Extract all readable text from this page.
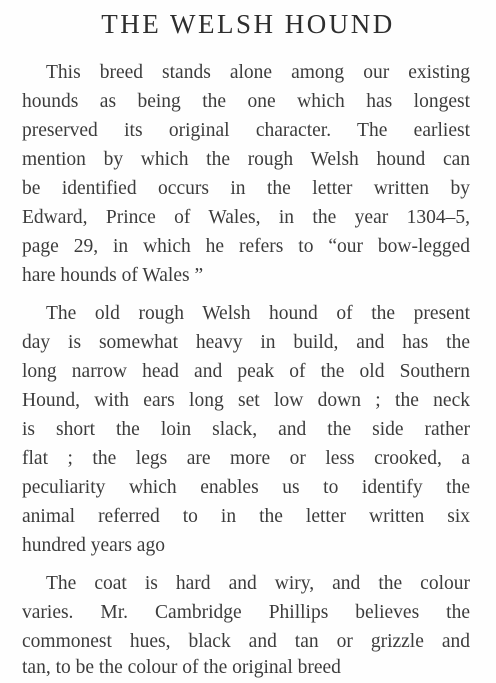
THE WELSH HOUND
This breed stands alone among our existing
hounds as being the one which has longest
preserved its original character. The earliest
mention by which the rough Welsh hound can
be identified occurs in the letter written by
Edward, Prince of Wales, in the year 1304–5,
page 29, in which he refers to “our bow-legged
hare hounds of Wales ”
The old rough Welsh hound of the present
day is somewhat heavy in build, and has the
long narrow head and peak of the old Southern
Hound, with ears long set low down ; the neck
is short the loin slack, and the side rather
flat ; the legs are more or less crooked, a
peculiarity which enables us to identify the
animal referred to in the letter written six
hundred years ago
The coat is hard and wiry, and the colour
varies. Mr. Cambridge Phillips believes the
commonest hues, black and tan or grizzle and
tan, to be the colour of the original breed
